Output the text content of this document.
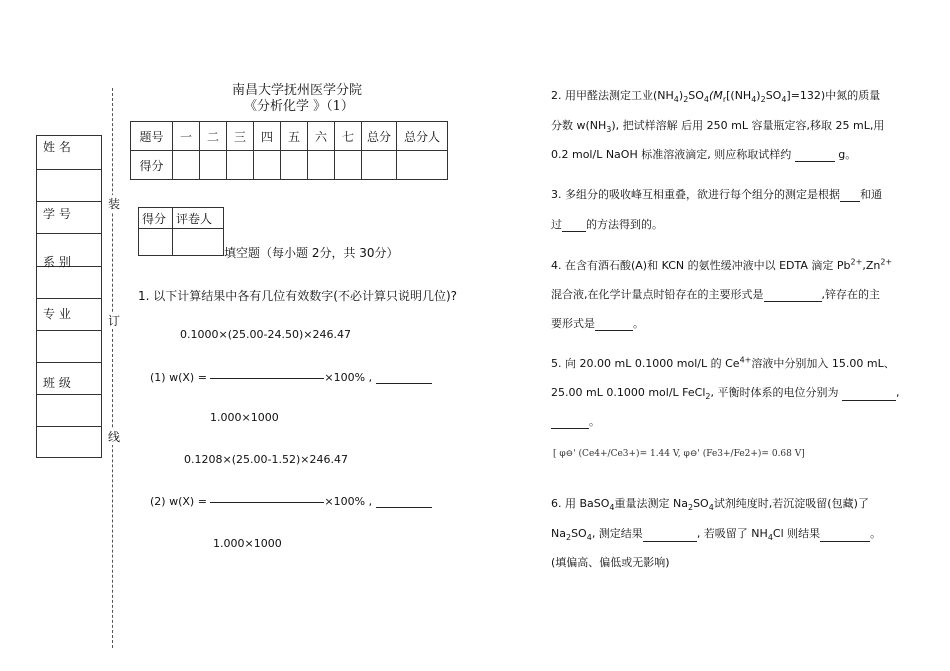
南昌大学抚州医学分院
《分析化学 》（1）
姓 名
学 号
系 别
专 业
班 级
装
订
线
题号	一	二	三	四	五	六	七	总分	总分人
得分									
得分	评卷人

填空题（每小题 2分，共 30分）
1. 以下计算结果中各有几位有效数字(不必计算只说明几位)?
0.1000×(25.00-24.50)×246.47
(1) w(X) =	×100% ,
1.000×1000
0.1208×(25.00-1.52)×246.47
(2) w(X) =	×100% ,
1.000×1000
2. 用甲醛法测定工业$(NH_4)_2SO_4(M_r[(NH_4)_2SO_4]=132)$中氮的质量
分数 $w(NH_3)$, 把试样溶解 后用 250 mL 容量瓶定容,移取 25 mL,用
0.2 mol/L NaOH 标准溶液滴定, 则应称取试样约	g。
3. 多组分的吸收峰互相重叠，欲进行每个组分的测定是根据 和通
过 的方法得到的。
4. 在含有酒石酸(A)和 KCN 的氨性缓冲液中以 EDTA 滴定 $Pb^{2+},Zn^{2+}$
混合液,在化学计量点时铅存在的主要形式是	,锌存在的主
要形式是	。
5. 向 20.00 mL 0.1000 mol/L 的 $Ce^{4+}$溶液中分别加入 15.00 mL、
25.00 mL 0.1000 mol/L FeCl$_2$, 平衡时体系的电位分别为	,
。
[ φ⊖' (Ce4+/Ce3+)= 1.44 V, φ⊖' (Fe3+/Fe2+)= 0.68 V]
6. 用 BaSO$_4$重量法测定 $Na_2SO_4$试剂纯度时,若沉淀吸留(包藏)了
$Na_2SO_4$, 测定结果	, 若吸留了 $NH_4Cl$ 则结果	。
(填偏高、偏低或无影响)
